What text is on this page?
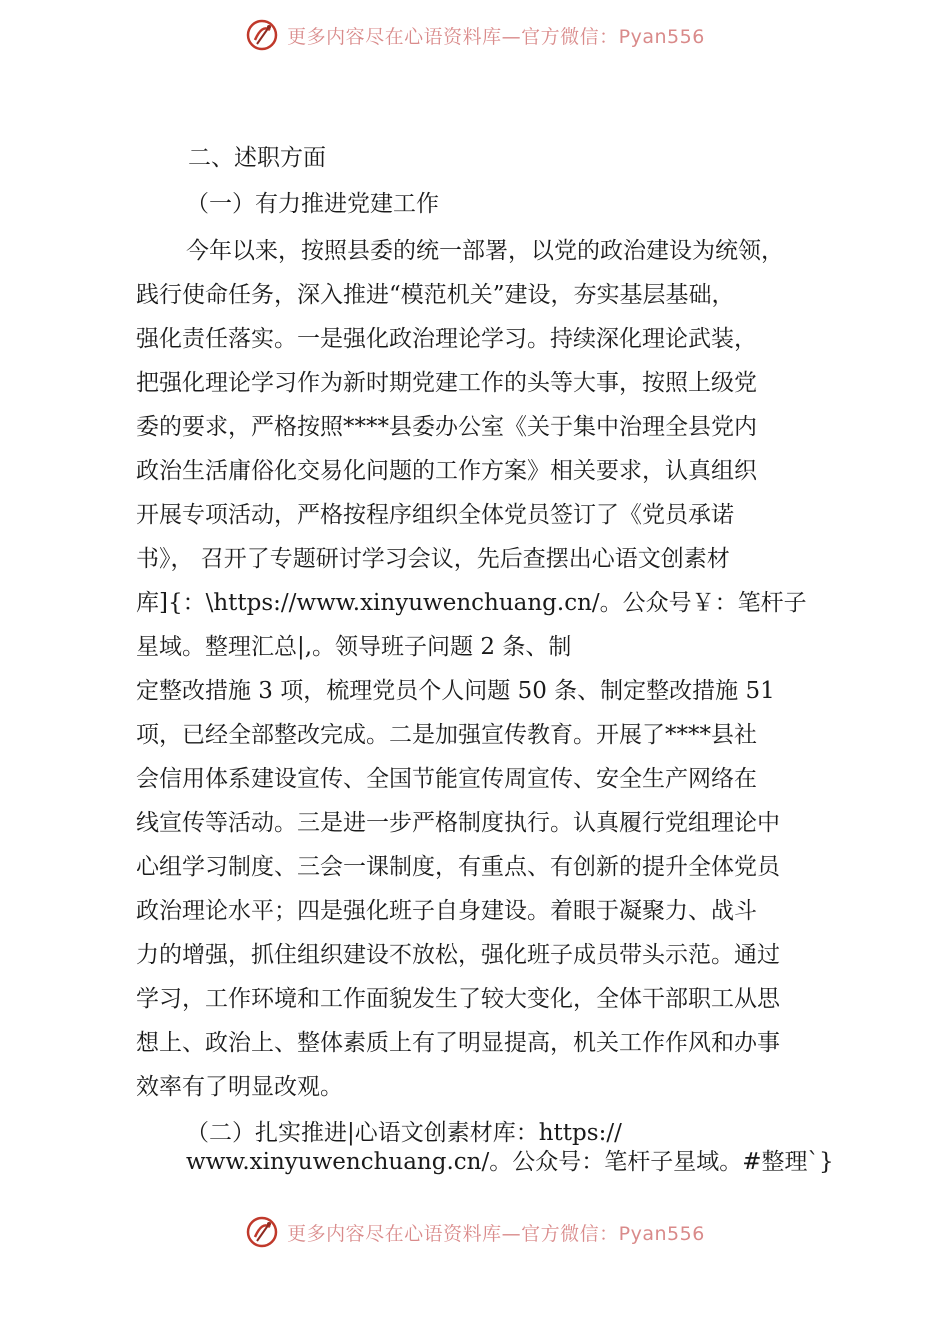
更多内容尽在心语资料库—官方微信：Pyan556
二、述职方面
（一）有力推进党建工作
今年以来，按照县委的统一部署，以党的政治建设为统领，
践行使命任务，深入推进“模范机关”建设，夯实基层基础，
强化责任落实。一是强化政治理论学习。持续深化理论武装，
把强化理论学习作为新时期党建工作的头等大事，按照上级党
委的要求，严格按照****县委办公室《关于集中治理全县党内
政治生活庸俗化交易化问题的工作方案》相关要求，认真组织
开展专项活动，严格按程序组织全体党员签订了《党员承诺
书》， 召开了专题研讨学习会议，先后查摆出心语文创素材
库]{：\https://www.xinyuwenchuang.cn/。公众号￥：笔杆子
星域。整理汇总|,。领导班子问题 2 条、制
定整改措施 3 项，梳理党员个人问题 50 条、制定整改措施 51
项，已经全部整改完成。二是加强宣传教育。开展了****县社
会信用体系建设宣传、全国节能宣传周宣传、安全生产网络在
线宣传等活动。三是进一步严格制度执行。认真履行党组理论中
心组学习制度、三会一课制度，有重点、有创新的提升全体党员
政治理论水平；四是强化班子自身建设。着眼于凝聚力、战斗
力的增强，抓住组织建设不放松，强化班子成员带头示范。通过
学习，工作环境和工作面貌发生了较大变化，全体干部职工从思
想上、政治上、整体素质上有了明显提高，机关工作作风和办事
效率有了明显改观。
（二）扎实推进|心语文创素材库：https://
www.xinyuwenchuang.cn/。公众号：笔杆子星域。#整理`}
更多内容尽在心语资料库—官方微信：Pyan556
